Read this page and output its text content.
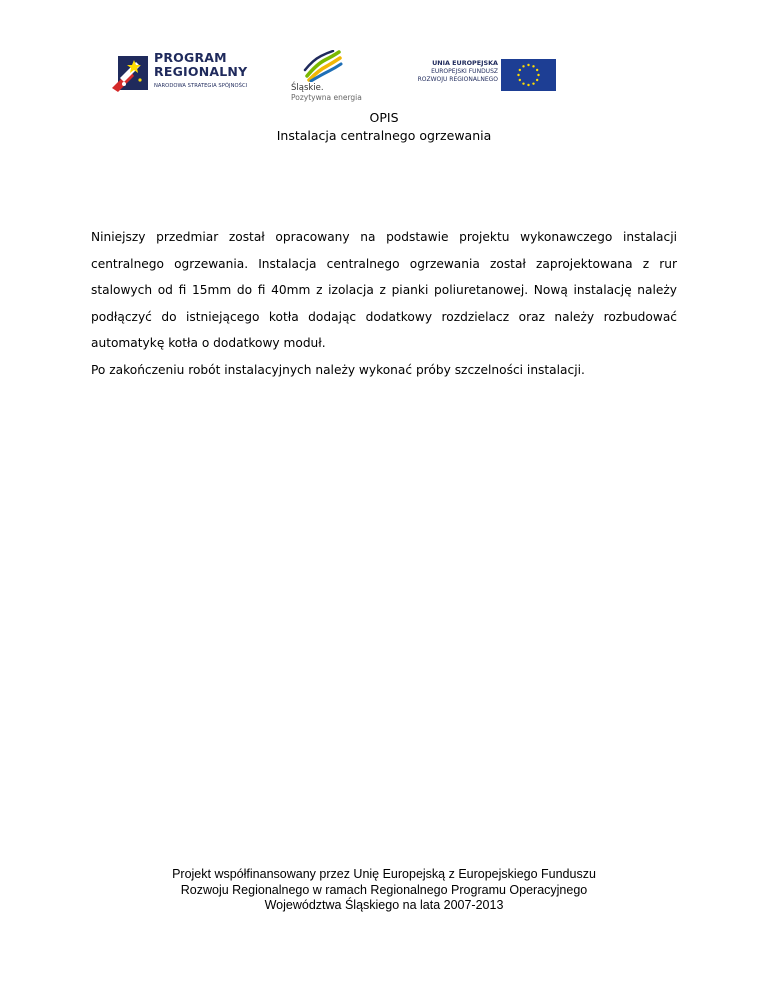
PROGRAM
REGIONALNY
NARODOWA STRATEGIA SPÓJNOŚCI	Śląskie.
Pozytywna energia
UNIA EUROPEJSKA
EUROPEJSKI FUNDUSZ
ROZWOJU REGIONALNEGO
OPIS
Instalacja centralnego ogrzewania
Niniejszy przedmiar został opracowany na podstawie projektu wykonawczego instalacji centralnego ogrzewania. Instalacja centralnego ogrzewania został zaprojektowana z rur stalowych od fi 15mm do fi 40mm z izolacja z pianki poliuretanowej. Nową instalację należy podłączyć do istniejącego kotła dodając dodatkowy rozdzielacz oraz należy rozbudować automatykę kotła o dodatkowy moduł.
Po zakończeniu robót instalacyjnych należy wykonać próby szczelności instalacji.
Projekt współfinansowany przez Unię Europejską z Europejskiego Funduszu
Rozwoju Regionalnego w ramach Regionalnego Programu Operacyjnego
Województwa Śląskiego na lata 2007-2013
